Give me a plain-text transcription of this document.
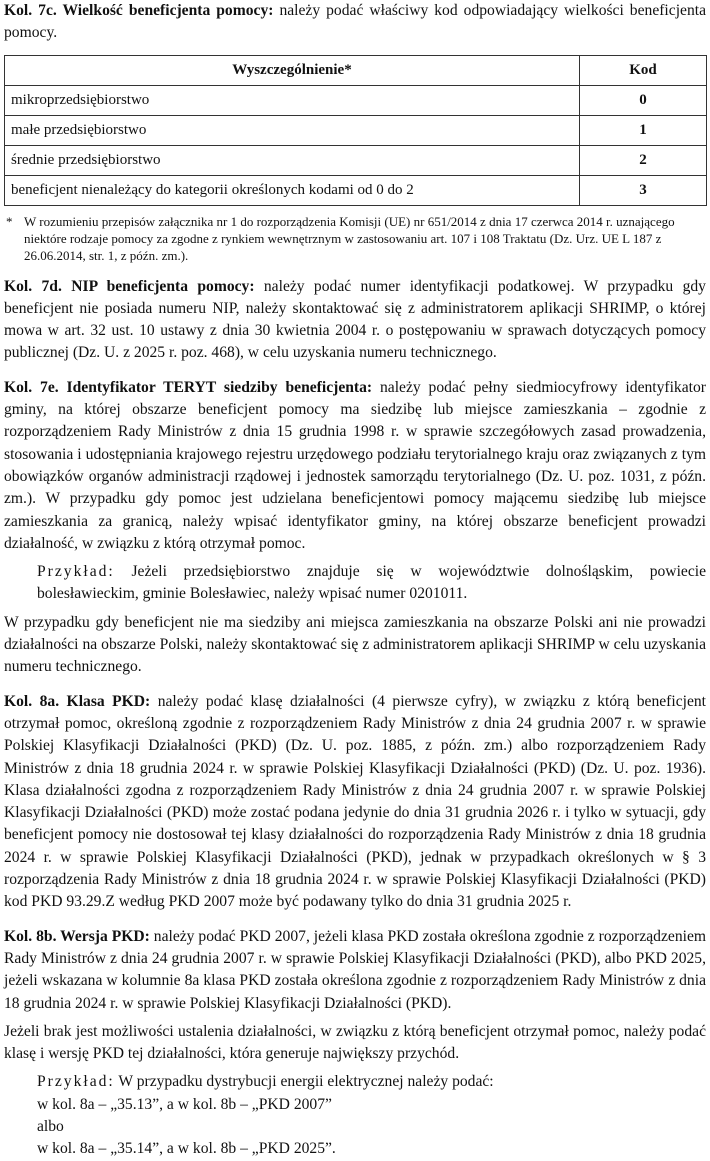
Kol. 7c. Wielkość beneficjenta pomocy: należy podać właściwy kod odpowiadający wielkości beneficjenta pomocy.

Wyszczególnienie*	Kod
mikroprzedsiębiorstwo	0
małe przedsiębiorstwo	1
średnie przedsiębiorstwo	2
beneficjent nienależący do kategorii określonych kodami od 0 do 2	3

* W rozumieniu przepisów załącznika nr 1 do rozporządzenia Komisji (UE) nr 651/2014 z dnia 17 czerwca 2014 r. uznającego niektóre rodzaje pomocy za zgodne z rynkiem wewnętrznym w zastosowaniu art. 107 i 108 Traktatu (Dz. Urz. UE L 187 z 26.06.2014, str. 1, z późn. zm.).

Kol. 7d. NIP beneficjenta pomocy: należy podać numer identyfikacji podatkowej. W przypadku gdy beneficjent nie posiada numeru NIP, należy skontaktować się z administratorem aplikacji SHRIMP, o której mowa w art. 32 ust. 10 ustawy z dnia 30 kwietnia 2004 r. o postępowaniu w sprawach dotyczących pomocy publicznej (Dz. U. z 2025 r. poz. 468), w celu uzyskania numeru technicznego.

Kol. 7e. Identyfikator TERYT siedziby beneficjenta: należy podać pełny siedmiocyfrowy identyfikator gminy, na której obszarze beneficjent pomocy ma siedzibę lub miejsce zamieszkania – zgodnie z rozporządzeniem Rady Ministrów z dnia 15 grudnia 1998 r. w sprawie szczegółowych zasad prowadzenia, stosowania i udostępniania krajowego rejestru urzędowego podziału terytorialnego kraju oraz związanych z tym obowiązków organów administracji rządowej i jednostek samorządu terytorialnego (Dz. U. poz. 1031, z późn. zm.). W przypadku gdy pomoc jest udzielana beneficjentowi pomocy mającemu siedzibę lub miejsce zamieszkania za granicą, należy wpisać identyfikator gminy, na której obszarze beneficjent prowadzi działalność, w związku z którą otrzymał pomoc.

Przykład: Jeżeli przedsiębiorstwo znajduje się w województwie dolnośląskim, powiecie bolesławieckim, gminie Bolesławiec, należy wpisać numer 0201011.

W przypadku gdy beneficjent nie ma siedziby ani miejsca zamieszkania na obszarze Polski ani nie prowadzi działalności na obszarze Polski, należy skontaktować się z administratorem aplikacji SHRIMP w celu uzyskania numeru technicznego.

Kol. 8a. Klasa PKD: należy podać klasę działalności (4 pierwsze cyfry), w związku z którą beneficjent otrzymał pomoc, określoną zgodnie z rozporządzeniem Rady Ministrów z dnia 24 grudnia 2007 r. w sprawie Polskiej Klasyfikacji Działalności (PKD) (Dz. U. poz. 1885, z późn. zm.) albo rozporządzeniem Rady Ministrów z dnia 18 grudnia 2024 r. w sprawie Polskiej Klasyfikacji Działalności (PKD) (Dz. U. poz. 1936). Klasa działalności zgodna z rozporządzeniem Rady Ministrów z dnia 24 grudnia 2007 r. w sprawie Polskiej Klasyfikacji Działalności (PKD) może zostać podana jedynie do dnia 31 grudnia 2026 r. i tylko w sytuacji, gdy beneficjent pomocy nie dostosował tej klasy działalności do rozporządzenia Rady Ministrów z dnia 18 grudnia 2024 r. w sprawie Polskiej Klasyfikacji Działalności (PKD), jednak w przypadkach określonych w § 3 rozporządzenia Rady Ministrów z dnia 18 grudnia 2024 r. w sprawie Polskiej Klasyfikacji Działalności (PKD) kod PKD 93.29.Z według PKD 2007 może być podawany tylko do dnia 31 grudnia 2025 r.

Kol. 8b. Wersja PKD: należy podać PKD 2007, jeżeli klasa PKD została określona zgodnie z rozporządzeniem Rady Ministrów z dnia 24 grudnia 2007 r. w sprawie Polskiej Klasyfikacji Działalności (PKD), albo PKD 2025, jeżeli wskazana w kolumnie 8a klasa PKD została określona zgodnie z rozporządzeniem Rady Ministrów z dnia 18 grudnia 2024 r. w sprawie Polskiej Klasyfikacji Działalności (PKD).

Jeżeli brak jest możliwości ustalenia działalności, w związku z którą beneficjent otrzymał pomoc, należy podać klasę i wersję PKD tej działalności, która generuje największy przychód.

Przykład: W przypadku dystrybucji energii elektrycznej należy podać:

w kol. 8a – „35.13”, a w kol. 8b – „PKD 2007”

albo

w kol. 8a – „35.14”, a w kol. 8b – „PKD 2025”.
